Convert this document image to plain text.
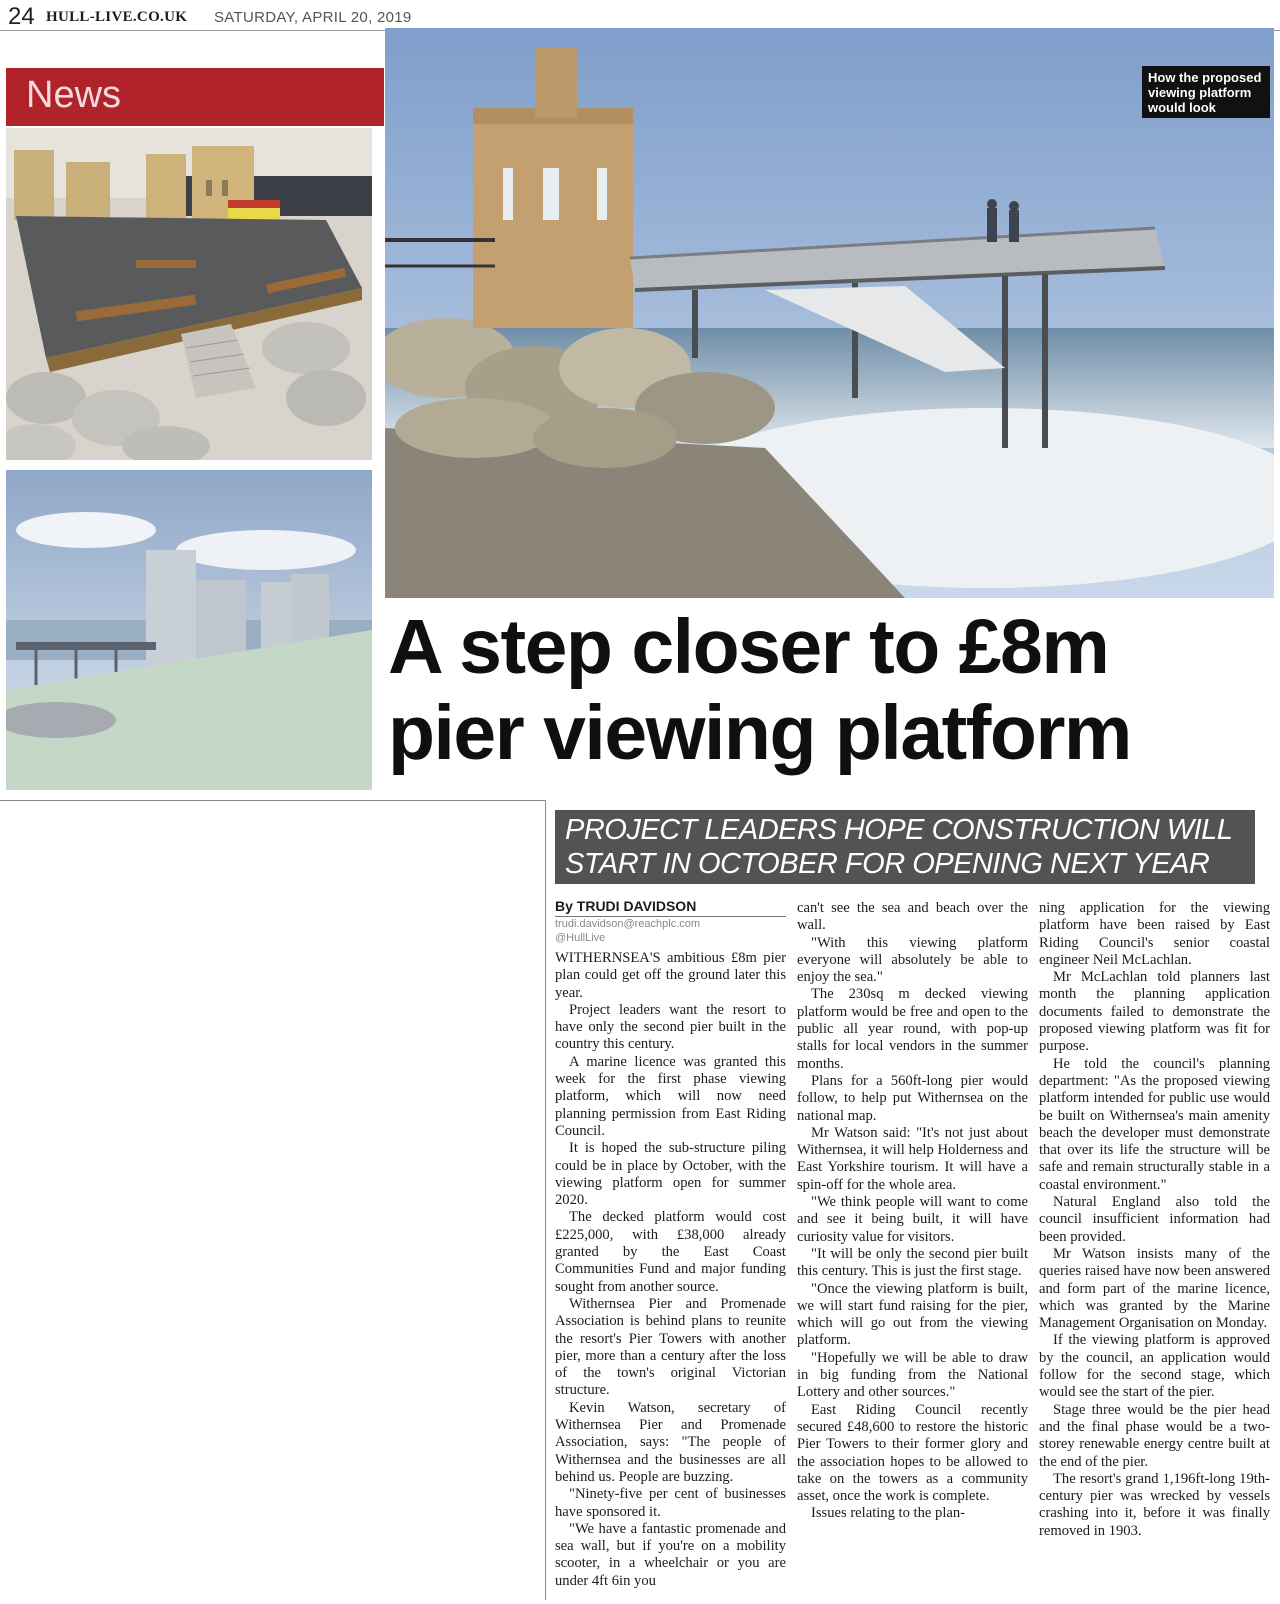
24 HULL-LIVE.CO.UK SATURDAY, APRIL 20, 2019
News	How the proposed viewing platform would look
A step closer to £8m
pier viewing platform
PROJECT LEADERS HOPE CONSTRUCTION WILL
START IN OCTOBER FOR OPENING NEXT YEAR
By TRUDI DAVIDSON
trudi.davidson@reachplc.com
@HullLive

WITHERNSEA'S ambitious £8m pier plan could get off the ground later this year.

Project leaders want the resort to have only the second pier built in the country this century.

A marine licence was granted this week for the first phase viewing platform, which will now need planning permission from East Riding Council.

It is hoped the sub-structure piling could be in place by October, with the viewing platform open for summer 2020.

The decked platform would cost £225,000, with £38,000 already granted by the East Coast Communities Fund and major funding sought from another source.

Withernsea Pier and Promenade Association is behind plans to reunite the resort's Pier Towers with another pier, more than a century after the loss of the town's original Victorian structure.

Kevin Watson, secretary of Withernsea Pier and Promenade Association, says: "The people of Withernsea and the businesses are all behind us. People are buzzing.

"Ninety-five per cent of businesses have sponsored it.

"We have a fantastic promenade and sea wall, but if you're on a mobility scooter, in a wheelchair or you are under 4ft 6in you

can't see the sea and beach over the wall.

"With this viewing platform everyone will absolutely be able to enjoy the sea."

The 230sq m decked viewing platform would be free and open to the public all year round, with pop-up stalls for local vendors in the summer months.

Plans for a 560ft-long pier would follow, to help put Withernsea on the national map.

Mr Watson said: "It's not just about Withernsea, it will help Holderness and East Yorkshire tourism. It will have a spin-off for the whole area.

"We think people will want to come and see it being built, it will have curiosity value for visitors.

"It will be only the second pier built this century. This is just the first stage.

"Once the viewing platform is built, we will start fund raising for the pier, which will go out from the viewing platform.

"Hopefully we will be able to draw in big funding from the National Lottery and other sources."

East Riding Council recently secured £48,600 to restore the historic Pier Towers to their former glory and the association hopes to be allowed to take on the towers as a community asset, once the work is complete.

Issues relating to the plan-

ning application for the viewing platform have been raised by East Riding Council's senior coastal engineer Neil McLachlan.

Mr McLachlan told planners last month the planning application documents failed to demonstrate the proposed viewing platform was fit for purpose.

He told the council's planning department: "As the proposed viewing platform intended for public use would be built on Withernsea's main amenity beach the developer must demonstrate that over its life the structure will be safe and remain structurally stable in a coastal environment."

Natural England also told the council insufficient information had been provided.

Mr Watson insists many of the queries raised have now been answered and form part of the marine licence, which was granted by the Marine Management Organisation on Monday.

If the viewing platform is approved by the council, an application would follow for the second stage, which would see the start of the pier.

Stage three would be the pier head and the final phase would be a two-storey renewable energy centre built at the end of the pier.

The resort's grand 1,196ft-long 19th-century pier was wrecked by vessels crashing into it, before it was finally removed in 1903.
